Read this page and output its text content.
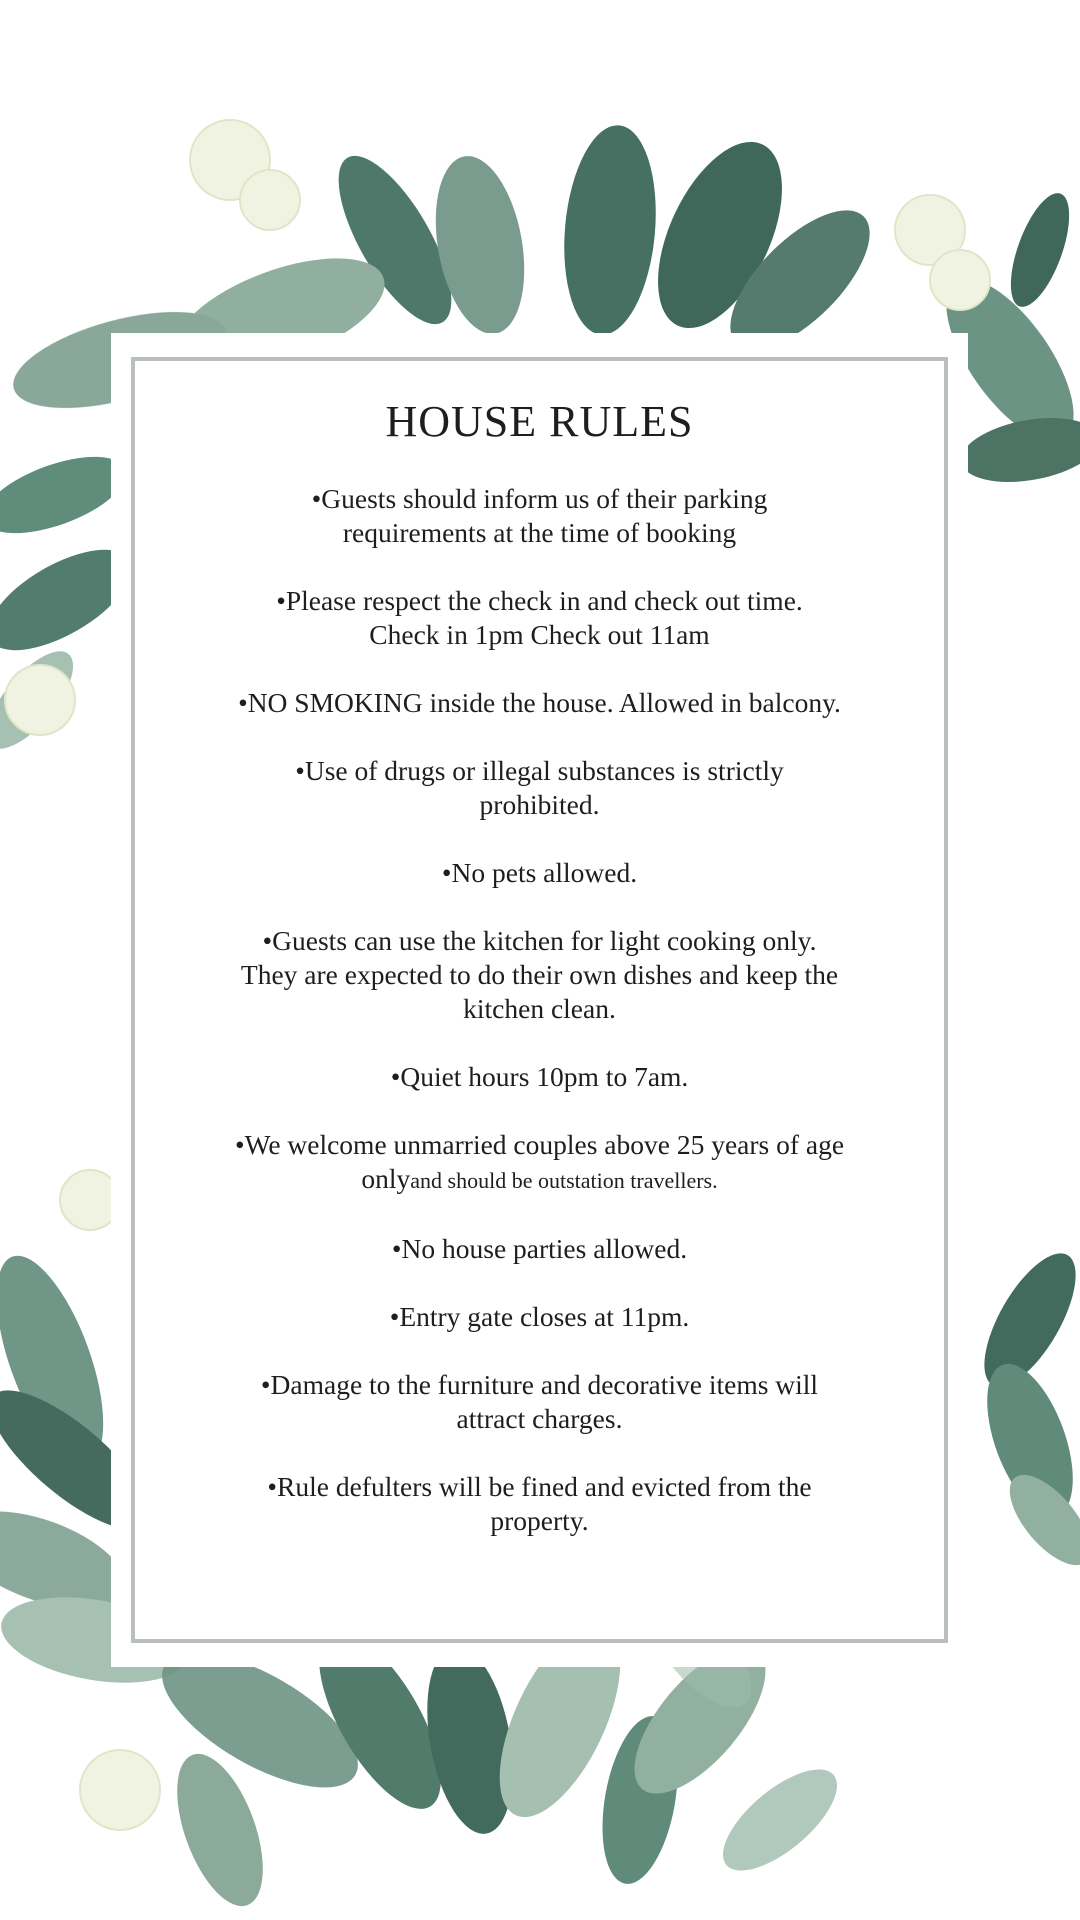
HOUSE RULES
•Guests should inform us of their parking
requirements at the time of booking
•Please respect the check in and check out time.
Check in 1pm Check out 11am
•NO SMOKING inside the house. Allowed in balcony.
•Use of drugs or illegal substances is strictly
prohibited.
•No pets allowed.
•Guests can use the kitchen for light cooking only.
They are expected to do their own dishes and keep the
kitchen clean.
•Quiet hours 10pm to 7am.
•We welcome unmarried couples above 25 years of age
onlyand should be outstation travellers.
•No house parties allowed.
•Entry gate closes at 11pm.
•Damage to the furniture and decorative items will
attract charges.
•Rule defulters will be fined and evicted from the
property.
